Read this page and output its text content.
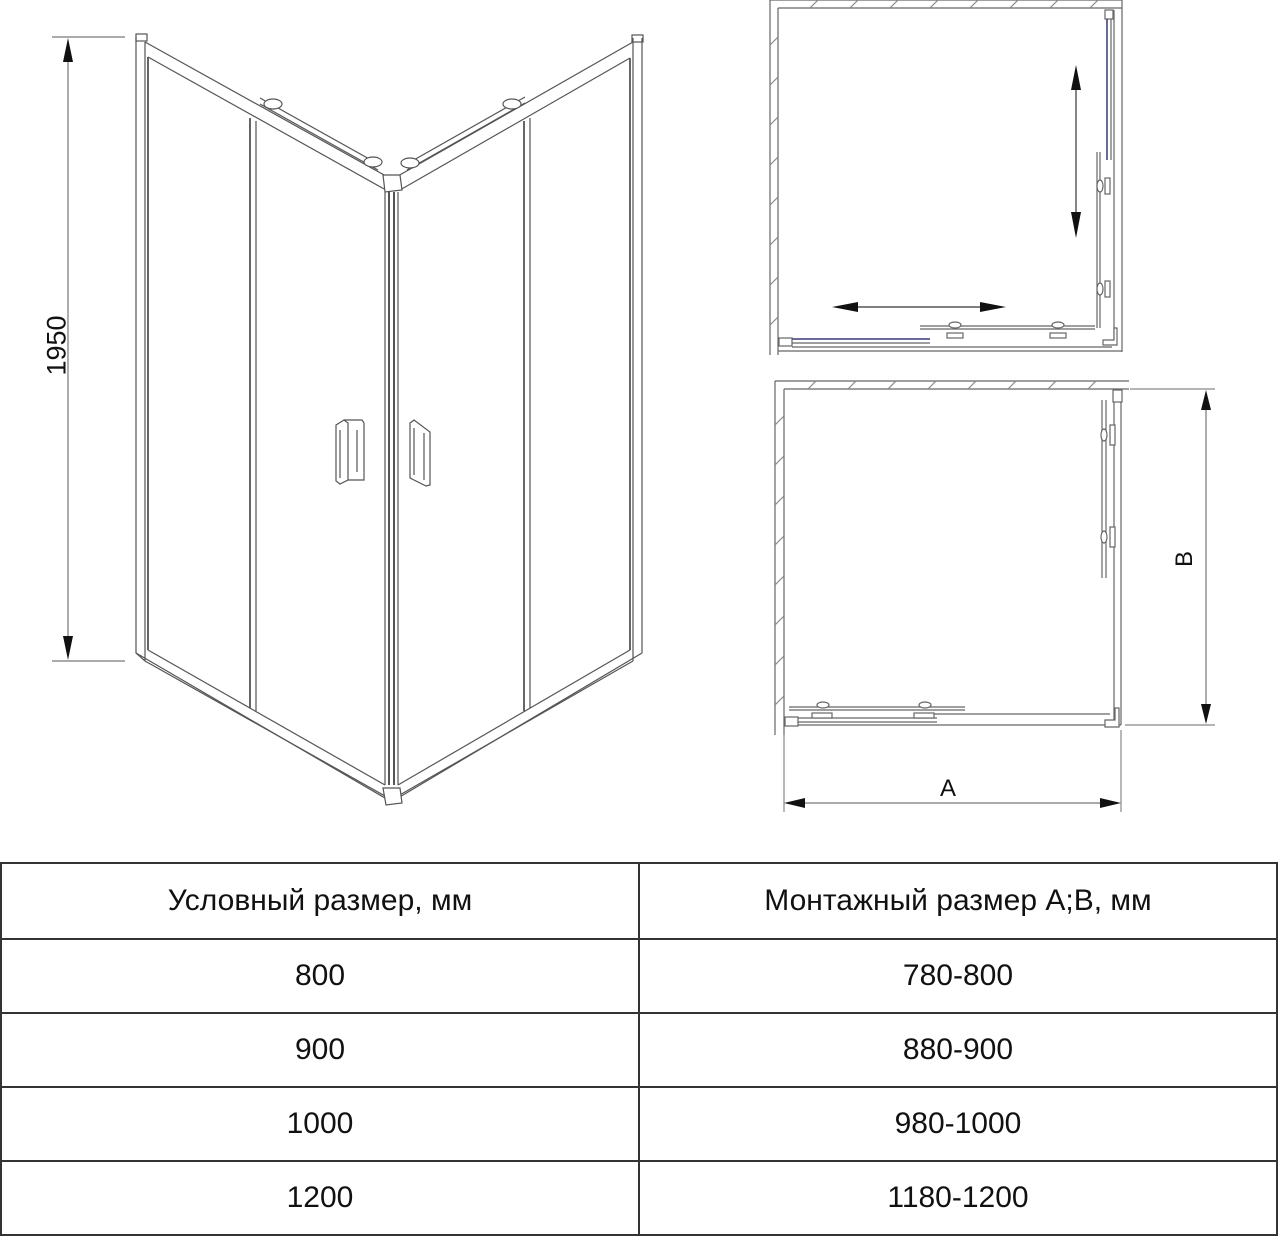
1950
A
B
Условный размер, мм	Монтажный размер A;B, мм
800	780-800
900	880-900
1000	980-1000
1200	1180-1200
